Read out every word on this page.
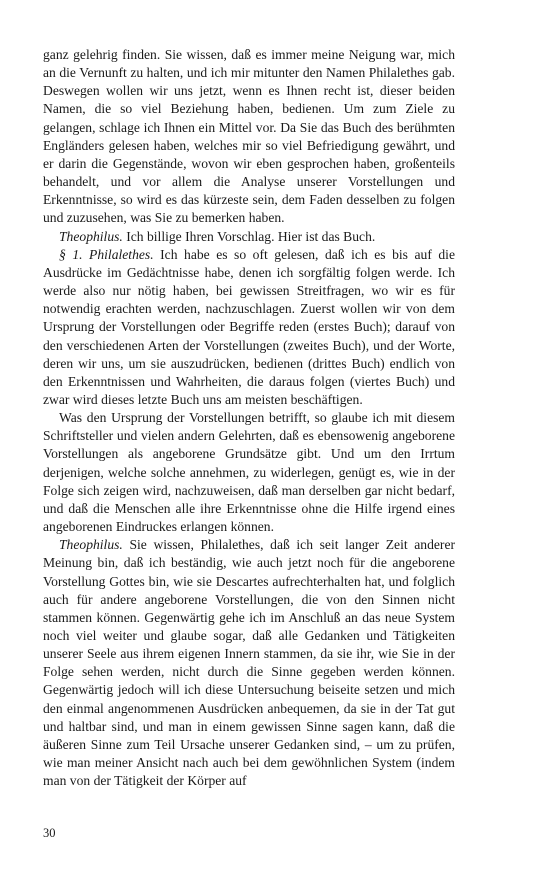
ganz gelehrig finden. Sie wissen, daß es immer meine Neigung war, mich an die Vernunft zu halten, und ich mir mitunter den Namen Philalethes gab. Deswegen wollen wir uns jetzt, wenn es Ihnen recht ist, dieser beiden Namen, die so viel Beziehung haben, bedienen. Um zum Ziele zu gelangen, schlage ich Ihnen ein Mittel vor. Da Sie das Buch des berühmten Engländers gelesen haben, welches mir so viel Befriedigung gewährt, und er darin die Gegenstände, wovon wir eben gesprochen haben, großenteils behandelt, und vor allem die Analyse unserer Vorstellungen und Erkenntnisse, so wird es das kürzeste sein, dem Faden desselben zu folgen und zuzusehen, was Sie zu bemerken haben.

Theophilus. Ich billige Ihren Vorschlag. Hier ist das Buch.

§ 1. Philalethes. Ich habe es so oft gelesen, daß ich es bis auf die Ausdrücke im Gedächtnisse habe, denen ich sorgfältig folgen werde. Ich werde also nur nötig haben, bei gewissen Streitfragen, wo wir es für notwendig erachten werden, nachzuschlagen. Zuerst wollen wir von dem Ursprung der Vorstellungen oder Begriffe reden (erstes Buch); darauf von den verschiedenen Arten der Vorstellungen (zweites Buch), und der Worte, deren wir uns, um sie auszudrücken, bedienen (drittes Buch) endlich von den Erkenntnissen und Wahrheiten, die daraus folgen (viertes Buch) und zwar wird dieses letzte Buch uns am meisten beschäftigen.

Was den Ursprung der Vorstellungen betrifft, so glaube ich mit diesem Schriftsteller und vielen andern Gelehrten, daß es ebensowenig angeborene Vorstellungen als angeborene Grundsätze gibt. Und um den Irrtum derjenigen, welche solche annehmen, zu widerlegen, genügt es, wie in der Folge sich zeigen wird, nachzuweisen, daß man derselben gar nicht bedarf, und daß die Menschen alle ihre Erkenntnisse ohne die Hilfe irgend eines angeborenen Eindruckes erlangen können.

Theophilus. Sie wissen, Philalethes, daß ich seit langer Zeit anderer Meinung bin, daß ich beständig, wie auch jetzt noch für die angeborene Vorstellung Gottes bin, wie sie Descartes aufrechterhalten hat, und folglich auch für andere angeborene Vorstellungen, die von den Sinnen nicht stammen können. Gegenwärtig gehe ich im Anschluß an das neue System noch viel weiter und glaube sogar, daß alle Gedanken und Tätigkeiten unserer Seele aus ihrem eigenen Innern stammen, da sie ihr, wie Sie in der Folge sehen werden, nicht durch die Sinne gegeben werden können. Gegenwärtig jedoch will ich diese Untersuchung beiseite setzen und mich den einmal angenommenen Ausdrücken anbequemen, da sie in der Tat gut und haltbar sind, und man in einem gewissen Sinne sagen kann, daß die äußeren Sinne zum Teil Ursache unserer Gedanken sind, – um zu prüfen, wie man meiner Ansicht nach auch bei dem gewöhnlichen System (indem man von der Tätigkeit der Körper auf

30
